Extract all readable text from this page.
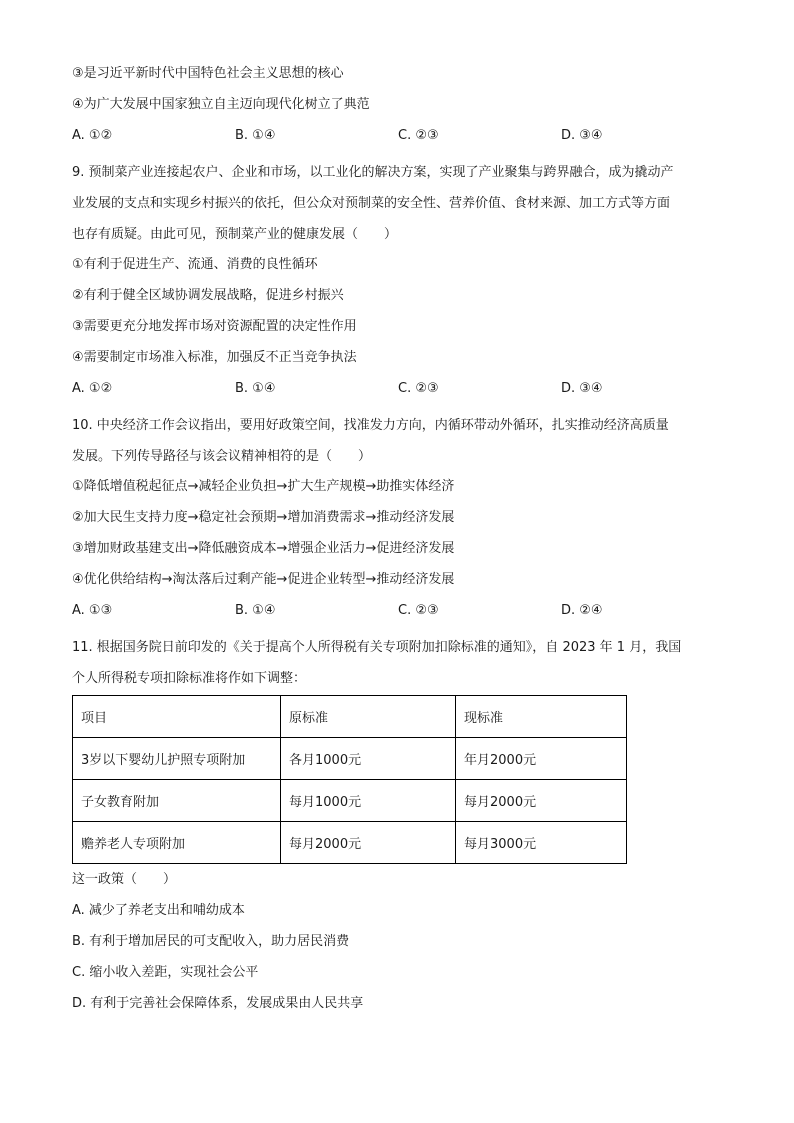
③是习近平新时代中国特色社会主义思想的核心
④为广大发展中国家独立自主迈向现代化树立了典范
A. ①②	B. ①④	C. ②③	D. ③④
9. 预制菜产业连接起农户、企业和市场，以工业化的解决方案，实现了产业聚集与跨界融合，成为撬动产
业发展的支点和实现乡村振兴的依托，但公众对预制菜的安全性、营养价值、食材来源、加工方式等方面
也存有质疑。由此可见，预制菜产业的健康发展（　　）
①有利于促进生产、流通、消费的良性循环
②有利于健全区域协调发展战略，促进乡村振兴
③需要更充分地发挥市场对资源配置的决定性作用
④需要制定市场准入标准，加强反不正当竞争执法
A. ①②	B. ①④	C. ②③	D. ③④
10. 中央经济工作会议指出，要用好政策空间，找准发力方向，内循环带动外循环，扎实推动经济高质量
发展。下列传导路径与该会议精神相符的是（　　）
①降低增值税起征点→减轻企业负担→扩大生产规模→助推实体经济
②加大民生支持力度→稳定社会预期→增加消费需求→推动经济发展
③增加财政基建支出→降低融资成本→增强企业活力→促进经济发展
④优化供给结构→淘汰落后过剩产能→促进企业转型→推动经济发展
A. ①③	B. ①④	C. ②③	D. ②④
11. 根据国务院日前印发的《关于提高个人所得税有关专项附加扣除标准的通知》，自 2023 年 1 月，我国
个人所得税专项扣除标准将作如下调整：
项目	原标准	现标准
3岁以下婴幼儿护照专项附加	各月1000元	年月2000元
子女教育附加	每月1000元	每月2000元
赡养老人专项附加	每月2000元	每月3000元
这一政策（　　）
A. 减少了养老支出和哺幼成本
B. 有利于增加居民的可支配收入，助力居民消费
C. 缩小收入差距，实现社会公平
D. 有利于完善社会保障体系，发展成果由人民共享
